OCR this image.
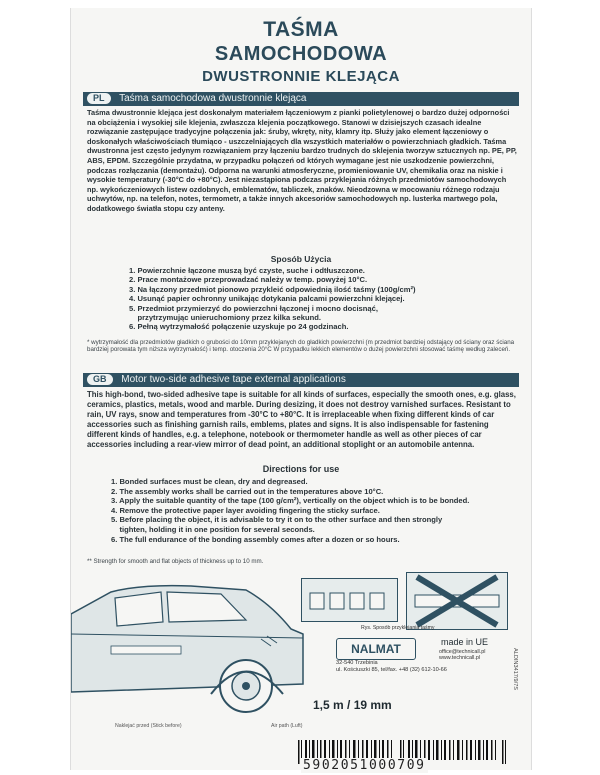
TAŚMA
SAMOCHODOWA
DWUSTRONNIE KLEJĄCA
PL Taśma samochodowa dwustronnie klejąca
Taśma dwustronnie klejąca jest doskonałym materiałem łączeniowym z pianki polietylenowej o bardzo dużej odporności na obciążenia i wysokiej sile klejenia, zwłaszcza klejenia początkowego. Stanowi w dzisiejszych czasach idealne rozwiązanie zastępujące tradycyjne połączenia jak: śruby, wkręty, nity, klamry itp. Służy jako element łączeniowy o doskonałych właściwościach tłumiąco - uszczelniających dla wszystkich materiałów o powierzchniach gładkich. Taśma dwustronna jest często jedynym rozwiązaniem przy łączeniu bardzo trudnych do sklejenia tworzyw sztucznych np. PE, PP, ABS, EPDM. Szczególnie przydatna, w przypadku połączeń od których wymagane jest nie uszkodzenie powierzchni, podczas rozłączania (demontażu). Odporna na warunki atmosferyczne, promieniowanie UV, chemikalia oraz na niskie i wysokie temperatury (-30°C do +80°C). Jest niezastąpiona podczas przyklejania różnych przedmiotów samochodowych np. wykończeniowych listew ozdobnych, emblematów, tabliczek, znaków. Nieodzowna w mocowaniu różnego rodzaju uchwytów, np. na telefon, notes, termometr, a także innych akcesoriów samochodowych np. lusterka martwego pola, dodatkowego światła stopu czy anteny.
Sposób Użycia
1. Powierzchnie łączone muszą być czyste, suche i odtłuszczone.
2. Prace montażowe przeprowadzać należy w temp. powyżej 10°C.
3. Na łączony przedmiot pionowo przykleić odpowiednią ilość taśmy (100g/cm²)
4. Usunąć papier ochronny unikając dotykania palcami powierzchni klejącej.
5. Przedmiot przymierzyć do powierzchni łączonej i mocno docisnąć,
przytrzymując unieruchomiony przez kilka sekund.
6. Pełną wytrzymałość połączenie uzyskuje po 24 godzinach.
* wytrzymałość dla przedmiotów gładkich o grubości do 10mm przyklejanych do gładkich powierzchni (m przedmiot bardziej odstający od ściany oraz ściana bardziej porowata tym niższa wytrzymałość) i temp. otoczenia 20°C W przypadku lekkich elementów o dużej powierzchni stosować taśmę według zaleceń.
GB Motor two-side adhesive tape external applications
This high-bond, two-sided adhesive tape is suitable for all kinds of surfaces, especially the smooth ones, e.g. glass, ceramics, plastics, metals, wood and marble. During desizing, it does not destroy varnished surfaces. Resistant to rain, UV rays, snow and temperatures from -30°C to +80°C. It is irreplaceable when fixing different kinds of car accessories such as finishing garnish rails, emblems, plates and signs. It is also indispensable for fastening different kinds of handles, e.g. a telephone, notebook or thermometer handle as well as other pieces of car accessories including a rear-view mirror of dead point, an additional stoplight or an automobile antenna.
Directions for use
1. Bonded surfaces must be clean, dry and degreased.
2. The assembly works shall be carried out in the temperatures above 10°C.
3. Apply the suitable quantity of the tape (100 g/cm²), vertically on the object which is to be bonded.
4. Remove the protective paper layer avoiding fingering the sticky surface.
5. Before placing the object, it is advisable to try it on to the other surface and then strongly
tighten, holding it in one position for several seconds.
6. The full endurance of the bonding assembly comes after a dozen or so hours.
** Strength for smooth and flat objects of thickness up to 10 mm.
Rys. Sposób przyklejania taśmy
NALMAT	made in UE
office@technicall.pl
www.technicall.pl
32-540 Trzebinia
ul. Kościuszki 85, tel/fax. +48 (32) 612-10-66
1,5 m / 19 mm
Naklejać przed (Stick before)	Air path (Luft)
ALDIN3417/9/7S
5902051000709
